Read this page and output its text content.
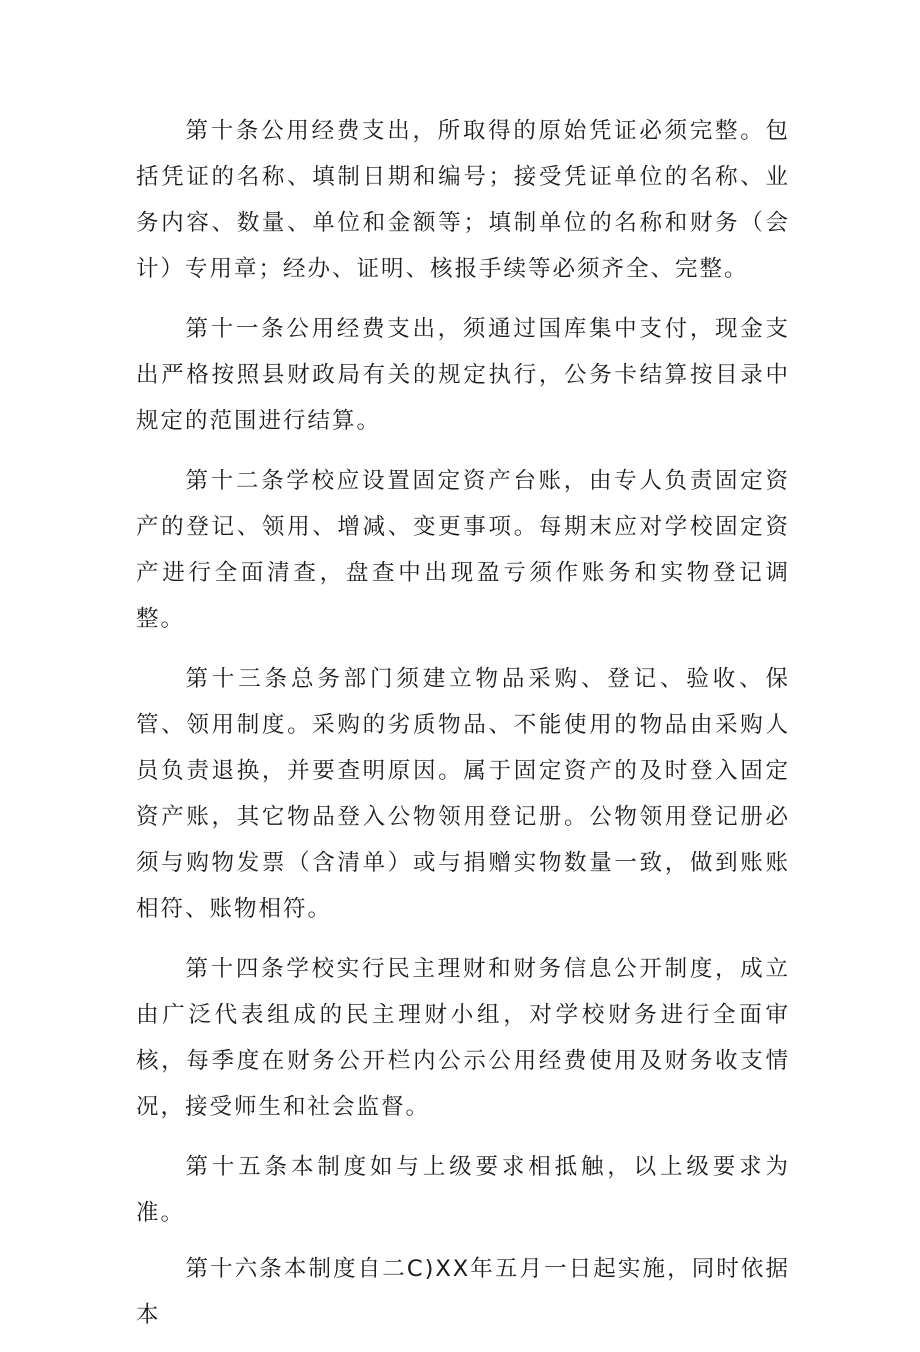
第十条公用经费支出，所取得的原始凭证必须完整。包括凭证的名称、填制日期和编号；接受凭证单位的名称、业务内容、数量、单位和金额等；填制单位的名称和财务（会计）专用章；经办、证明、核报手续等必须齐全、完整。

第十一条公用经费支出，须通过国库集中支付，现金支出严格按照县财政局有关的规定执行，公务卡结算按目录中规定的范围进行结算。

第十二条学校应设置固定资产台账，由专人负责固定资产的登记、领用、增减、变更事项。每期末应对学校固定资产进行全面清查，盘查中出现盈亏须作账务和实物登记调整。

第十三条总务部门须建立物品采购、登记、验收、保管、领用制度。采购的劣质物品、不能使用的物品由采购人员负责退换，并要查明原因。属于固定资产的及时登入固定资产账，其它物品登入公物领用登记册。公物领用登记册必须与购物发票（含清单）或与捐赠实物数量一致，做到账账相符、账物相符。

第十四条学校实行民主理财和财务信息公开制度，成立由广泛代表组成的民主理财小组，对学校财务进行全面审核，每季度在财务公开栏内公示公用经费使用及财务收支情况，接受师生和社会监督。

第十五条本制度如与上级要求相抵触，以上级要求为准。

第十六条本制度自二C)XX年五月一日起实施，同时依据本
